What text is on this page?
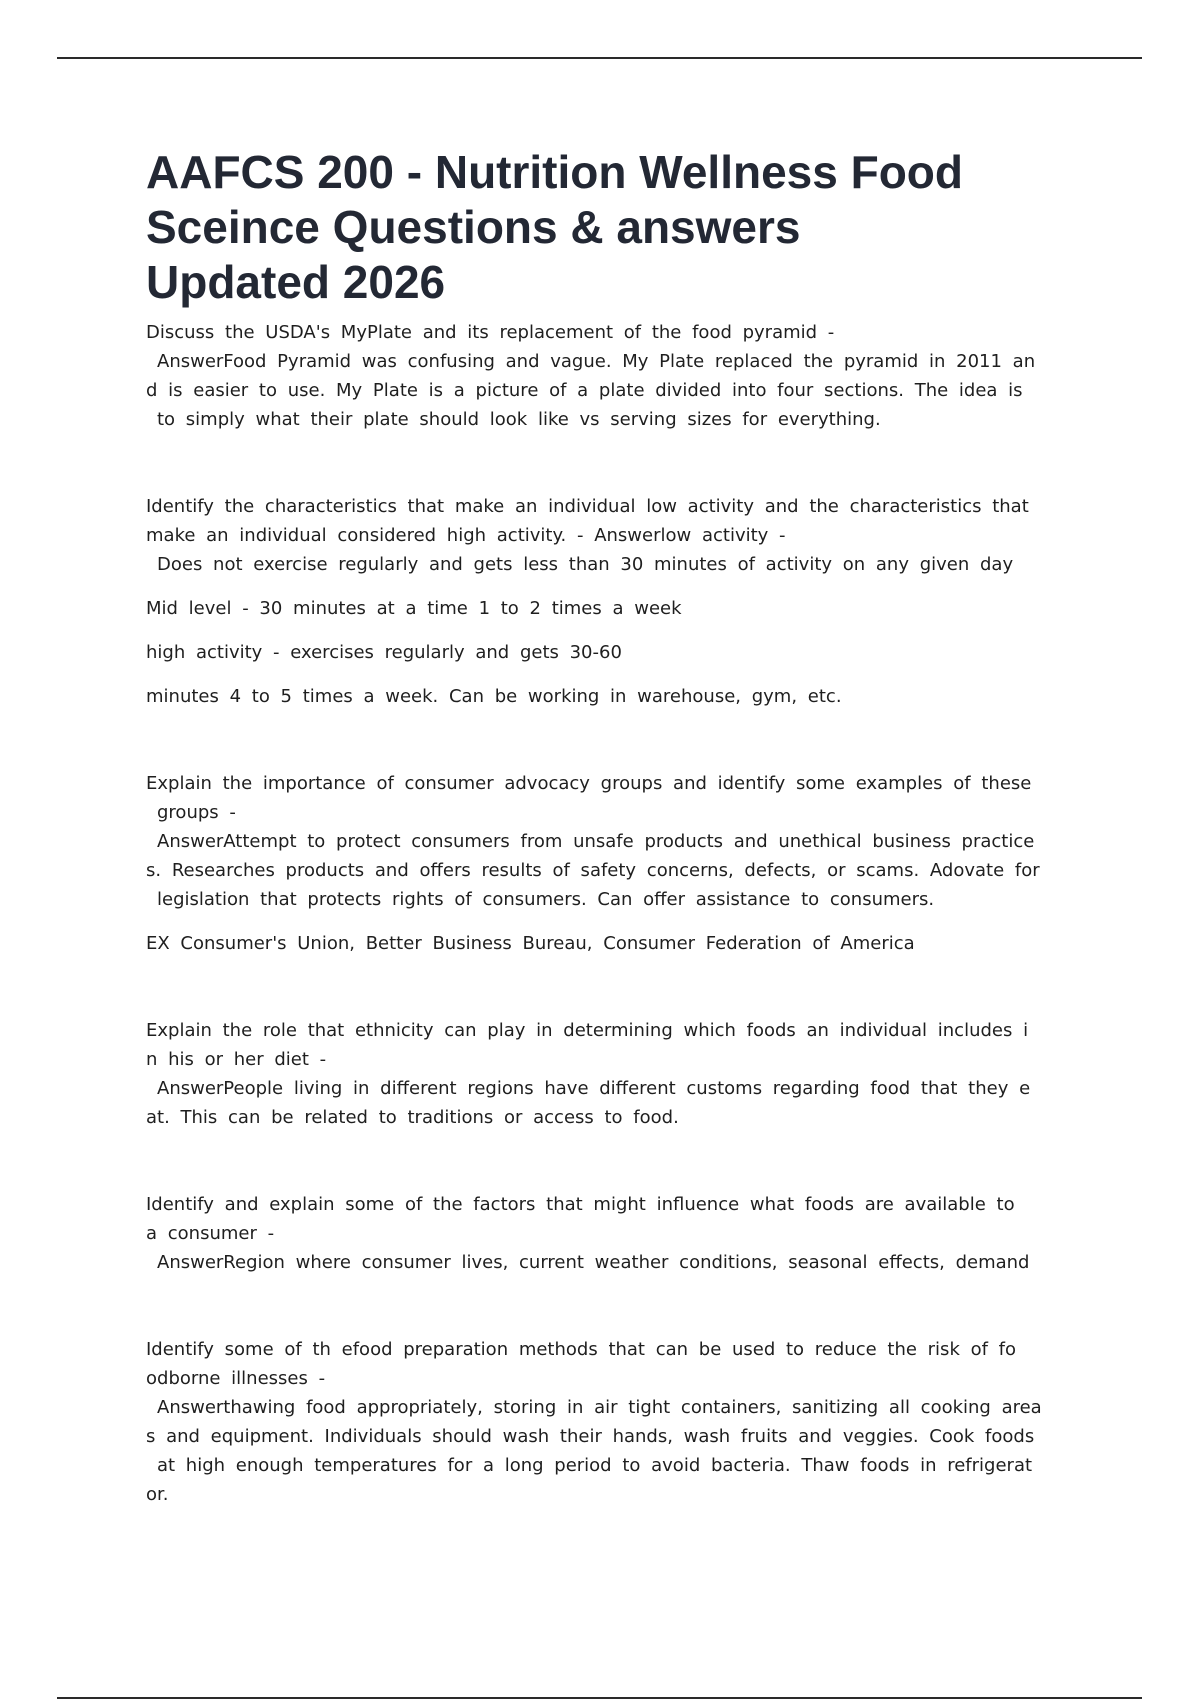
AAFCS 200 - Nutrition Wellness Food
Sceince Questions & answers
Updated 2026

Discuss the USDA's MyPlate and its replacement of the food pyramid -
AnswerFood Pyramid was confusing and vague. My Plate replaced the pyramid in 2011 an
d is easier to use. My Plate is a picture of a plate divided into four sections. The idea is
to simply what their plate should look like vs serving sizes for everything.

Identify the characteristics that make an individual low activity and the characteristics that
make an individual considered high activity. - Answerlow activity -
Does not exercise regularly and gets less than 30 minutes of activity on any given day

Mid level - 30 minutes at a time 1 to 2 times a week

high activity - exercises regularly and gets 30-60

minutes 4 to 5 times a week. Can be working in warehouse, gym, etc.

Explain the importance of consumer advocacy groups and identify some examples of these
groups -
AnswerAttempt to protect consumers from unsafe products and unethical business practice
s. Researches products and offers results of safety concerns, defects, or scams. Adovate for
legislation that protects rights of consumers. Can offer assistance to consumers.

EX Consumer's Union, Better Business Bureau, Consumer Federation of America

Explain the role that ethnicity can play in determining which foods an individual includes i
n his or her diet -
AnswerPeople living in different regions have different customs regarding food that they e
at. This can be related to traditions or access to food.

Identify and explain some of the factors that might influence what foods are available to
a consumer -
AnswerRegion where consumer lives, current weather conditions, seasonal effects, demand

Identify some of th efood preparation methods that can be used to reduce the risk of fo
odborne illnesses -
Answerthawing food appropriately, storing in air tight containers, sanitizing all cooking area
s and equipment. Individuals should wash their hands, wash fruits and veggies. Cook foods
at high enough temperatures for a long period to avoid bacteria. Thaw foods in refrigerat
or.
